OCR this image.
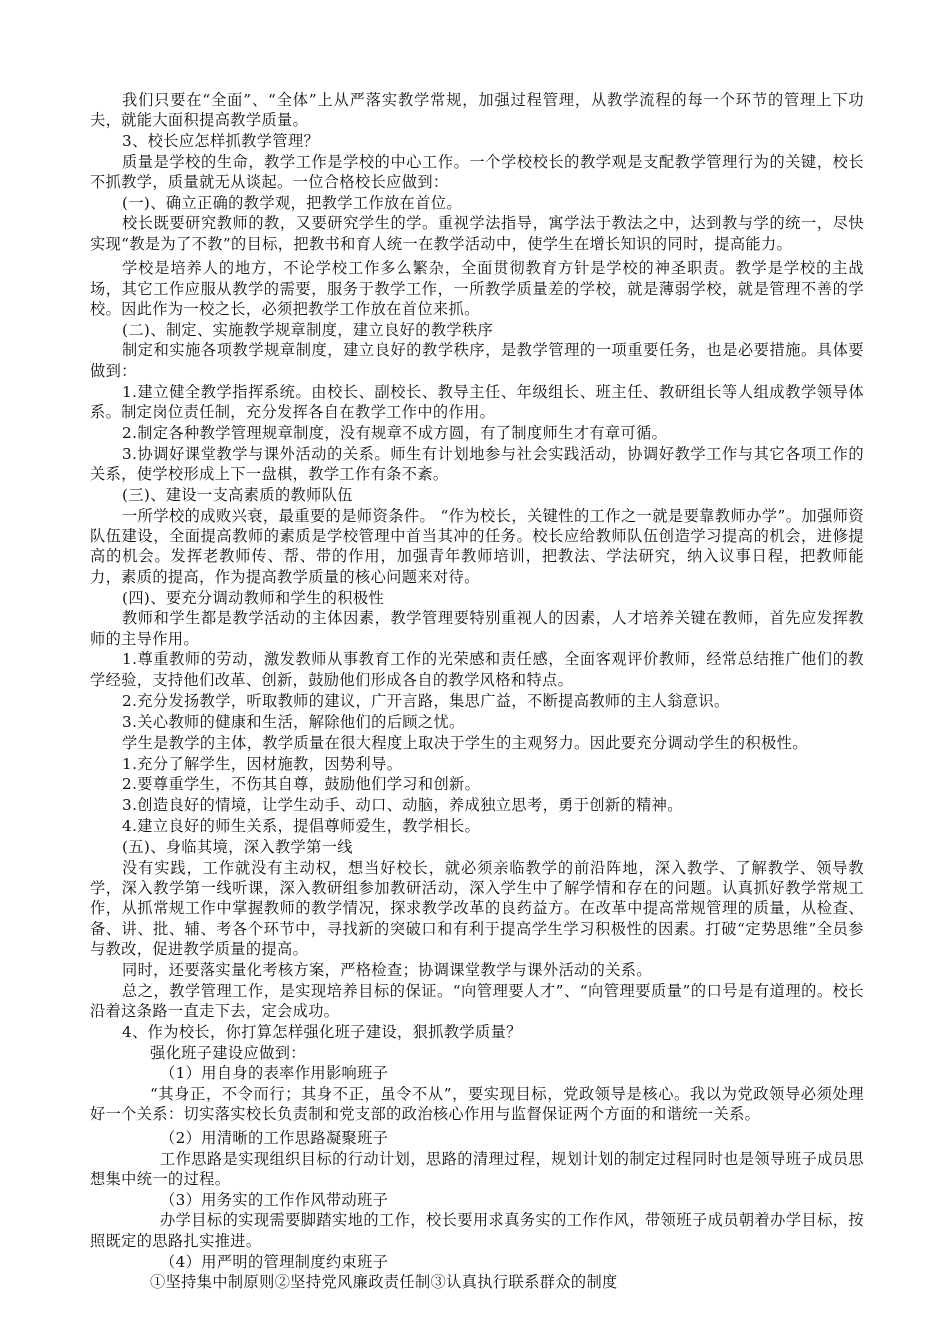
我们只要在“全面”、“全体”上从严落实教学常规，加强过程管理，从教学流程的每一个环节的管理上下功夫，就能大面积提高教学质量。

3、校长应怎样抓教学管理？

质量是学校的生命，教学工作是学校的中心工作。一个学校校长的教学观是支配教学管理行为的关键，校长不抓教学，质量就无从谈起。一位合格校长应做到：

(一)、确立正确的教学观，把教学工作放在首位。

校长既要研究教师的教，又要研究学生的学。重视学法指导，寓学法于教法之中，达到教与学的统一，尽快实现“教是为了不教”的目标，把教书和育人统一在教学活动中，使学生在增长知识的同时，提高能力。

学校是培养人的地方，不论学校工作多么繁杂，全面贯彻教育方针是学校的神圣职责。教学是学校的主战场，其它工作应服从教学的需要，服务于教学工作，一所教学质量差的学校，就是薄弱学校，就是管理不善的学校。因此作为一校之长，必须把教学工作放在首位来抓。

(二)、制定、实施教学规章制度，建立良好的教学秩序

制定和实施各项教学规章制度，建立良好的教学秩序，是教学管理的一项重要任务，也是必要措施。具体要做到：

1.建立健全教学指挥系统。由校长、副校长、教导主任、年级组长、班主任、教研组长等人组成教学领导体系。制定岗位责任制，充分发挥各自在教学工作中的作用。

2.制定各种教学管理规章制度，没有规章不成方圆，有了制度师生才有章可循。

3.协调好课堂教学与课外活动的关系。师生有计划地参与社会实践活动，协调好教学工作与其它各项工作的关系，使学校形成上下一盘棋，教学工作有条不紊。

(三)、建设一支高素质的教师队伍

一所学校的成败兴衰，最重要的是师资条件。 “作为校长，关键性的工作之一就是要靠教师办学”。加强师资队伍建设，全面提高教师的素质是学校管理中首当其冲的任务。校长应给教师队伍创造学习提高的机会，进修提高的机会。发挥老教师传、帮、带的作用，加强青年教师培训，把教法、学法研究，纳入议事日程，把教师能力，素质的提高，作为提高教学质量的核心问题来对待。

(四)、要充分调动教师和学生的积极性

教师和学生都是教学活动的主体因素，教学管理要特别重视人的因素，人才培养关键在教师，首先应发挥教师的主导作用。

1.尊重教师的劳动，激发教师从事教育工作的光荣感和责任感，全面客观评价教师，经常总结推广他们的教学经验，支持他们改革、创新，鼓励他们形成各自的教学风格和特点。

2.充分发扬教学，听取教师的建议，广开言路，集思广益，不断提高教师的主人翁意识。

3.关心教师的健康和生活，解除他们的后顾之忧。

学生是教学的主体，教学质量在很大程度上取决于学生的主观努力。因此要充分调动学生的积极性。

1.充分了解学生，因材施教，因势利导。

2.要尊重学生，不伤其自尊，鼓励他们学习和创新。

3.创造良好的情境，让学生动手、动口、动脑，养成独立思考，勇于创新的精神。

4.建立良好的师生关系，提倡尊师爱生，教学相长。

(五)、身临其境，深入教学第一线

没有实践，工作就没有主动权，想当好校长，就必须亲临教学的前沿阵地，深入教学、了解教学、领导教学，深入教学第一线听课，深入教研组参加教研活动，深入学生中了解学情和存在的问题。认真抓好教学常规工作，从抓常规工作中掌握教师的教学情况，探求教学改革的良药益方。在改革中提高常规管理的质量，从检查、备、讲、批、辅、考各个环节中，寻找新的突破口和有利于提高学生学习积极性的因素。打破“定势思维”全员参与教改，促进教学质量的提高。

同时，还要落实量化考核方案，严格检查；协调课堂教学与课外活动的关系。

总之，教学管理工作，是实现培养目标的保证。“向管理要人才”、“向管理要质量”的口号是有道理的。校长沿着这条路一直走下去，定会成功。

4、作为校长，你打算怎样强化班子建设，狠抓教学质量？

强化班子建设应做到：

（1）用自身的表率作用影响班子

“其身正，不令而行；其身不正，虽令不从”，要实现目标，党政领导是核心。我以为党政领导必须处理好一个关系：切实落实校长负责制和党支部的政治核心作用与监督保证两个方面的和谐统一关系。

（2）用清晰的工作思路凝聚班子

工作思路是实现组织目标的行动计划，思路的清理过程，规划计划的制定过程同时也是领导班子成员思想集中统一的过程。

（3）用务实的工作作风带动班子

办学目标的实现需要脚踏实地的工作，校长要用求真务实的工作作风，带领班子成员朝着办学目标，按照既定的思路扎实推进。

（4）用严明的管理制度约束班子

①坚持集中制原则②坚持党风廉政责任制③认真执行联系群众的制度
